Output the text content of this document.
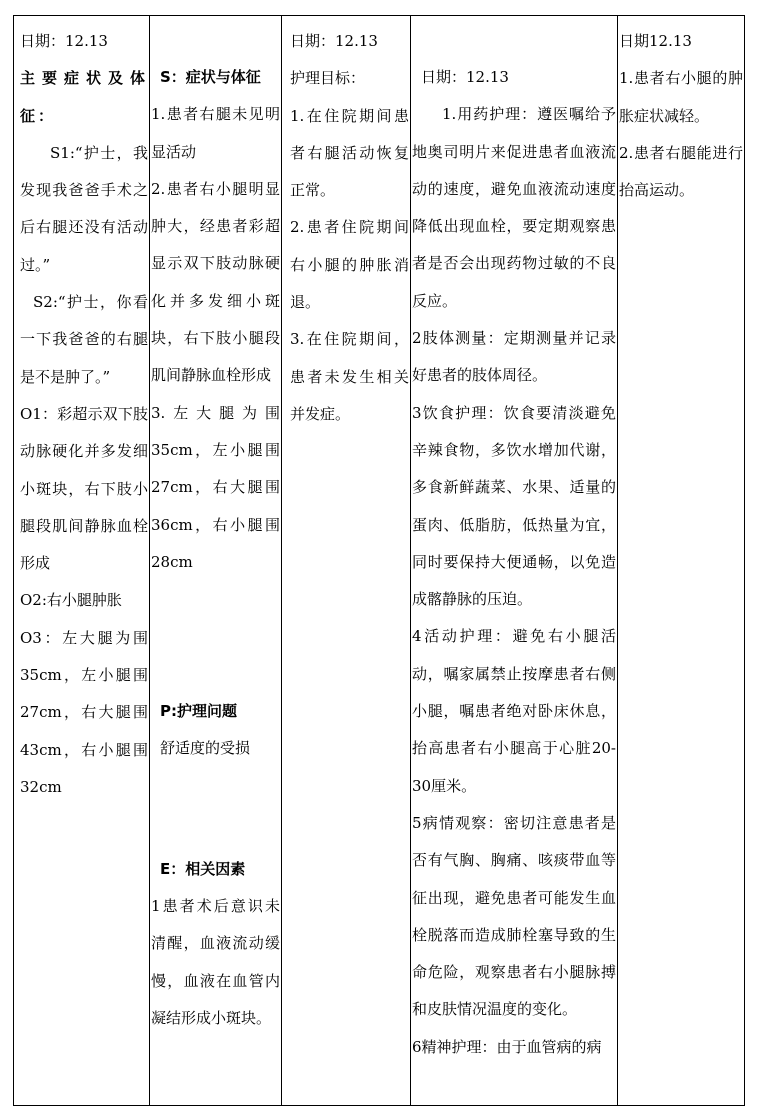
日期：12.13

主要症状及体征：

S1:“护士，我发现我爸爸手术之后右腿还没有活动过。”

S2:“护士，你看一下我爸爸的右腿是不是肿了。”

O1：彩超示双下肢动脉硬化并多发细小斑块，右下肢小腿段肌间静脉血栓形成

O2:右小腿肿胀

O3：左大腿为围35cm，左小腿围27cm，右大腿围43cm，右小腿围32cm

S：症状与体征

1.患者右腿未见明显活动

2.患者右小腿明显肿大，经患者彩超显示双下肢动脉硬化并多发细小斑块，右下肢小腿段肌间静脉血栓形成

3.左大腿为围35cm，左小腿围27cm，右大腿围36cm，右小腿围28cm

P:护理问题

舒适度的受损

E：相关因素

1患者术后意识未清醒，血液流动缓慢，血液在血管内凝结形成小斑块。

日期：12.13

护理目标：

1.在住院期间患者右腿活动恢复正常。

2.患者住院期间右小腿的肿胀消退。

3.在住院期间，患者未发生相关并发症。

日期：12.13

1.用药护理：遵医嘱给予地奥司明片来促进患者血液流动的速度，避免血液流动速度降低出现血栓，要定期观察患者是否会出现药物过敏的不良反应。

2肢体测量：定期测量并记录好患者的肢体周径。

3饮食护理：饮食要清淡避免辛辣食物，多饮水增加代谢，多食新鲜蔬菜、水果、适量的蛋肉、低脂肪，低热量为宜，同时要保持大便通畅，以免造成髂静脉的压迫。

4活动护理：避免右小腿活动，嘱家属禁止按摩患者右侧小腿，嘱患者绝对卧床休息，抬高患者右小腿高于心脏20-30厘米。

5病情观察：密切注意患者是否有气胸、胸痛、咳痰带血等征出现，避免患者可能发生血栓脱落而造成肺栓塞导致的生命危险，观察患者右小腿脉搏和皮肤情况温度的变化。

6精神护理：由于血管病的病

日期12.13

1.患者右小腿的肿胀症状减轻。

2.患者右腿能进行抬高运动。
